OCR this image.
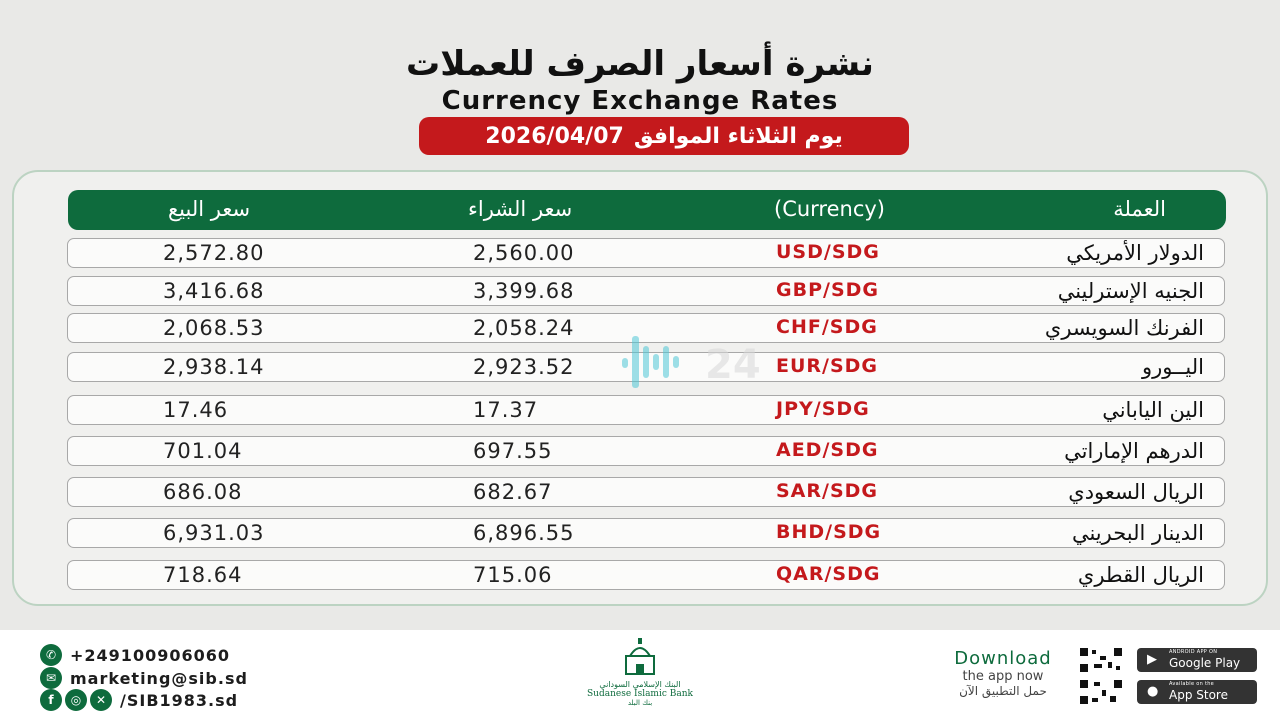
نشرة أسعار الصرف للعملات
Currency Exchange Rates
يوم الثلاثاء الموافق
2026/04/07
العملة
(Currency)
سعر الشراء
سعر البيع
الدولار الأمريكي
USD/SDG
2,560.00
2,572.80
الجنيه الإسترليني
GBP/SDG
3,399.68
3,416.68
الفرنك السويسري
CHF/SDG
2,058.24
2,068.53
اليــورو
EUR/SDG
2,923.52
2,938.14
الين الياباني
JPY/SDG
17.37
17.46
الدرهم الإماراتي
AED/SDG
697.55
701.04
الريال السعودي
SAR/SDG
682.67
686.08
الدينار البحريني
BHD/SDG
6,896.55
6,931.03
الريال القطري
QAR/SDG
715.06
718.64
24
✆ +249100906060
✉ marketing@sib.sd
f	◎	✕ /SIB1983.sd
البنك الإسلامي السوداني
Sudanese Islamic Bank
بنك البلد
Download
the app now
حمل التطبيق الآن
▶ ANDROID APP ON
Google Play
● Available on the
App Store
